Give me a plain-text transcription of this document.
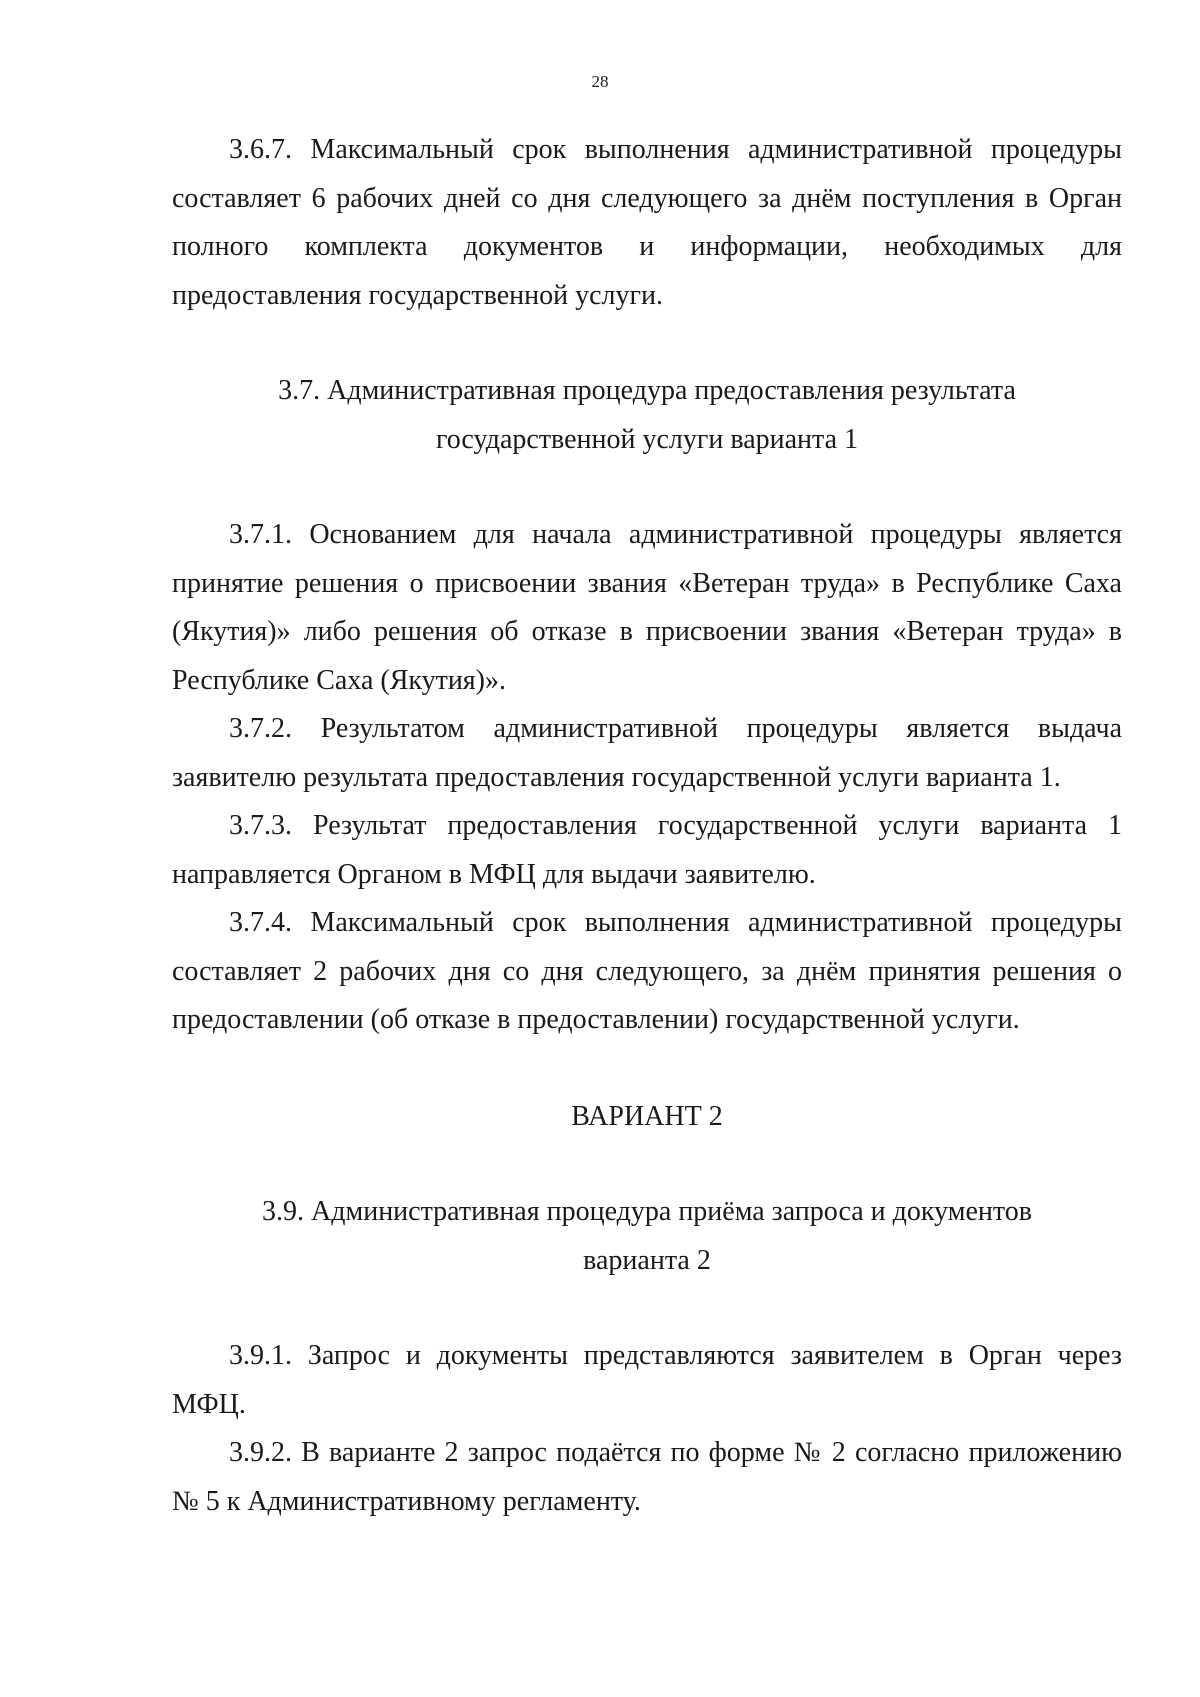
28

3.6.7. Максимальный срок выполнения административной процедуры составляет 6 рабочих дней со дня следующего за днём поступления в Орган полного комплекта документов и информации, необходимых для предоставления государственной услуги.

3.7. Административная процедура предоставления результата

государственной услуги варианта 1

3.7.1. Основанием для начала административной процедуры является принятие решения о присвоении звания «Ветеран труда» в Республике Саха (Якутия)» либо решения об отказе в присвоении звания «Ветеран труда» в Республике Саха (Якутия)».

3.7.2. Результатом административной процедуры является выдача заявителю результата предоставления государственной услуги варианта 1.

3.7.3. Результат предоставления государственной услуги варианта 1 направляется Органом в МФЦ для выдачи заявителю.

3.7.4. Максимальный срок выполнения административной процедуры составляет 2 рабочих дня со дня следующего, за днём принятия решения о предоставлении (об отказе в предоставлении) государственной услуги.

ВАРИАНТ 2

3.9. Административная процедура приёма запроса и документов

варианта 2

3.9.1. Запрос и документы представляются заявителем в Орган через МФЦ.

3.9.2. В варианте 2 запрос подаётся по форме № 2 согласно приложению № 5 к Административному регламенту.
